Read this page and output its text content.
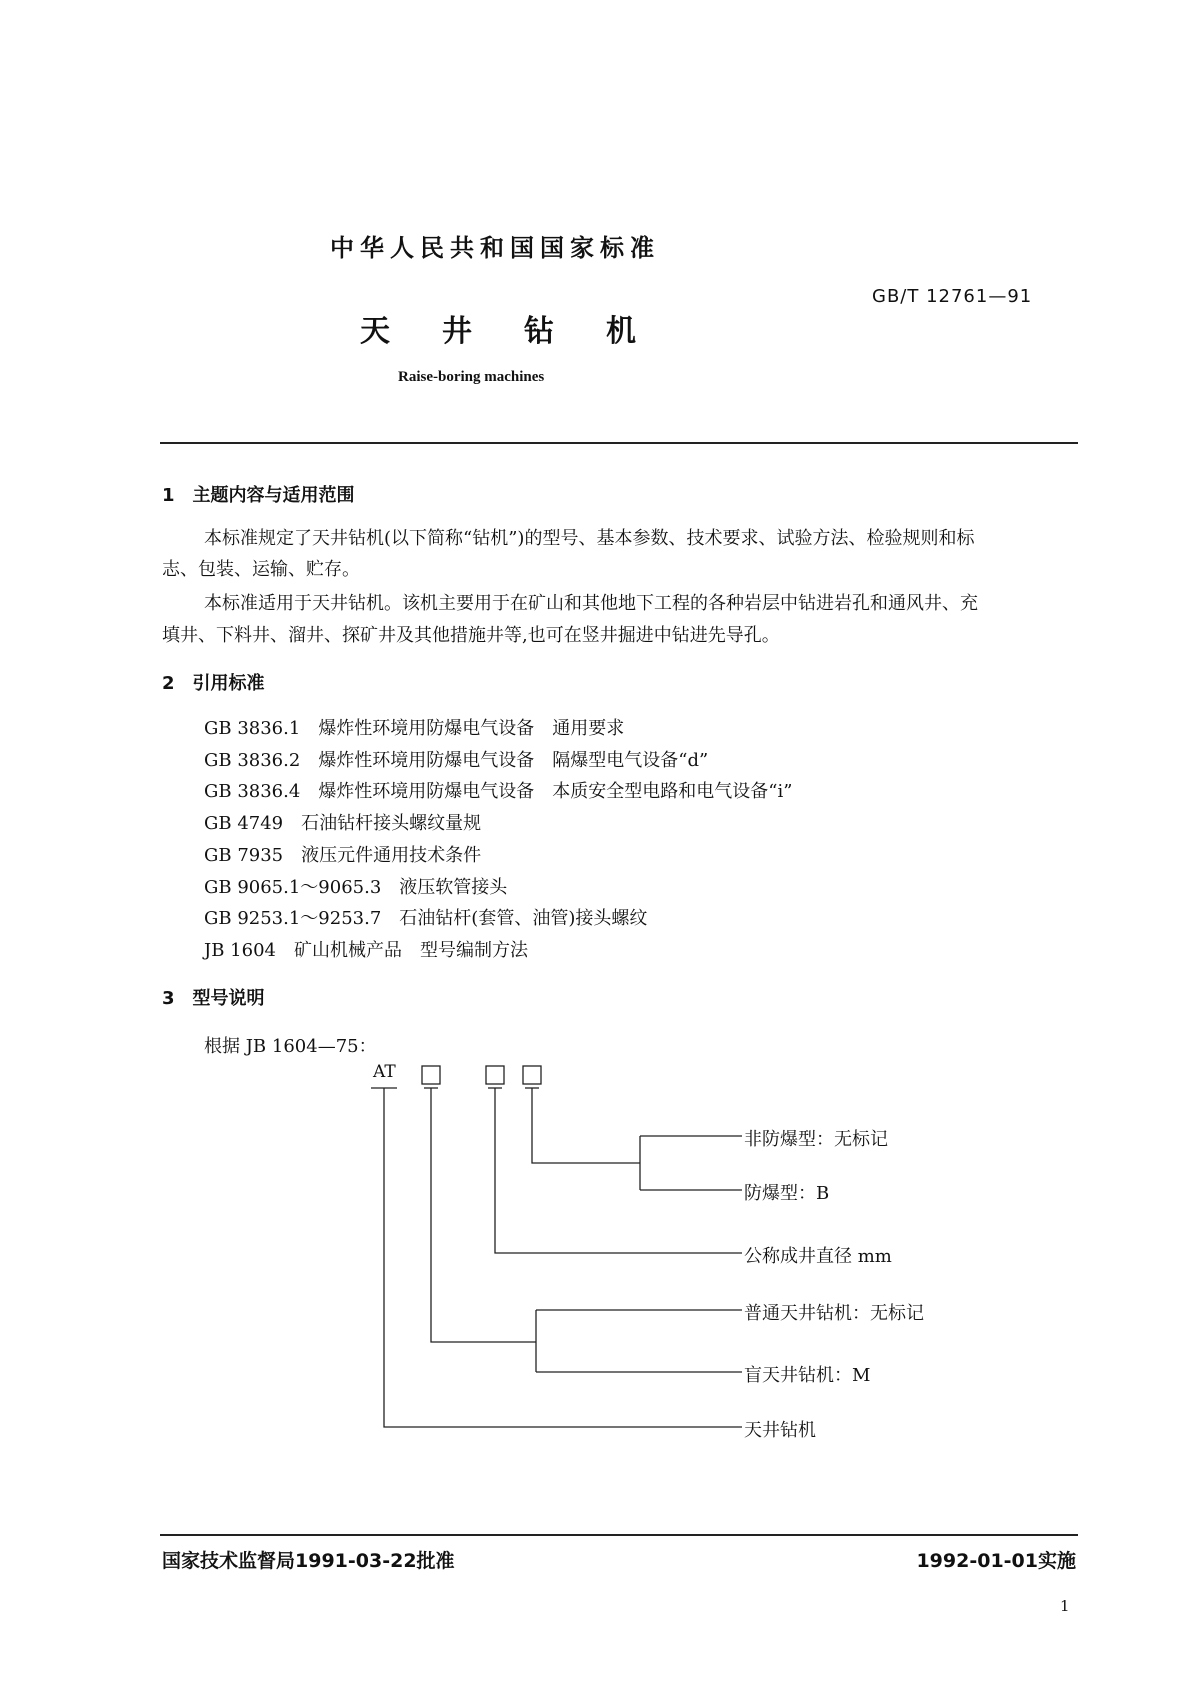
中华人民共和国国家标准
GB/T 12761—91
天 井 钻 机
Raise-boring machines
1 主题内容与适用范围
本标准规定了天井钻机(以下简称“钻机”)的型号、基本参数、技术要求、试验方法、检验规则和标
志、包装、运输、贮存。
本标准适用于天井钻机。该机主要用于在矿山和其他地下工程的各种岩层中钻进岩孔和通风井、充
填井、下料井、溜井、探矿井及其他措施井等,也可在竖井掘进中钻进先导孔。
2 引用标准
GB 3836.1 爆炸性环境用防爆电气设备　通用要求
GB 3836.2 爆炸性环境用防爆电气设备　隔爆型电气设备“d”
GB 3836.4 爆炸性环境用防爆电气设备　本质安全型电路和电气设备“i”
GB 4749 石油钻杆接头螺纹量规
GB 7935 液压元件通用技术条件
GB 9065.1～9065.3 液压软管接头
GB 9253.1～9253.7 石油钻杆(套管、油管)接头螺纹
JB 1604 矿山机械产品　型号编制方法
3 型号说明
根据 JB 1604—75：
AT
非防爆型：无标记
防爆型：B
公称成井直径 mm
普通天井钻机：无标记
盲天井钻机：M
天井钻机
国家技术监督局1991-03-22批准	1992-01-01实施
1
